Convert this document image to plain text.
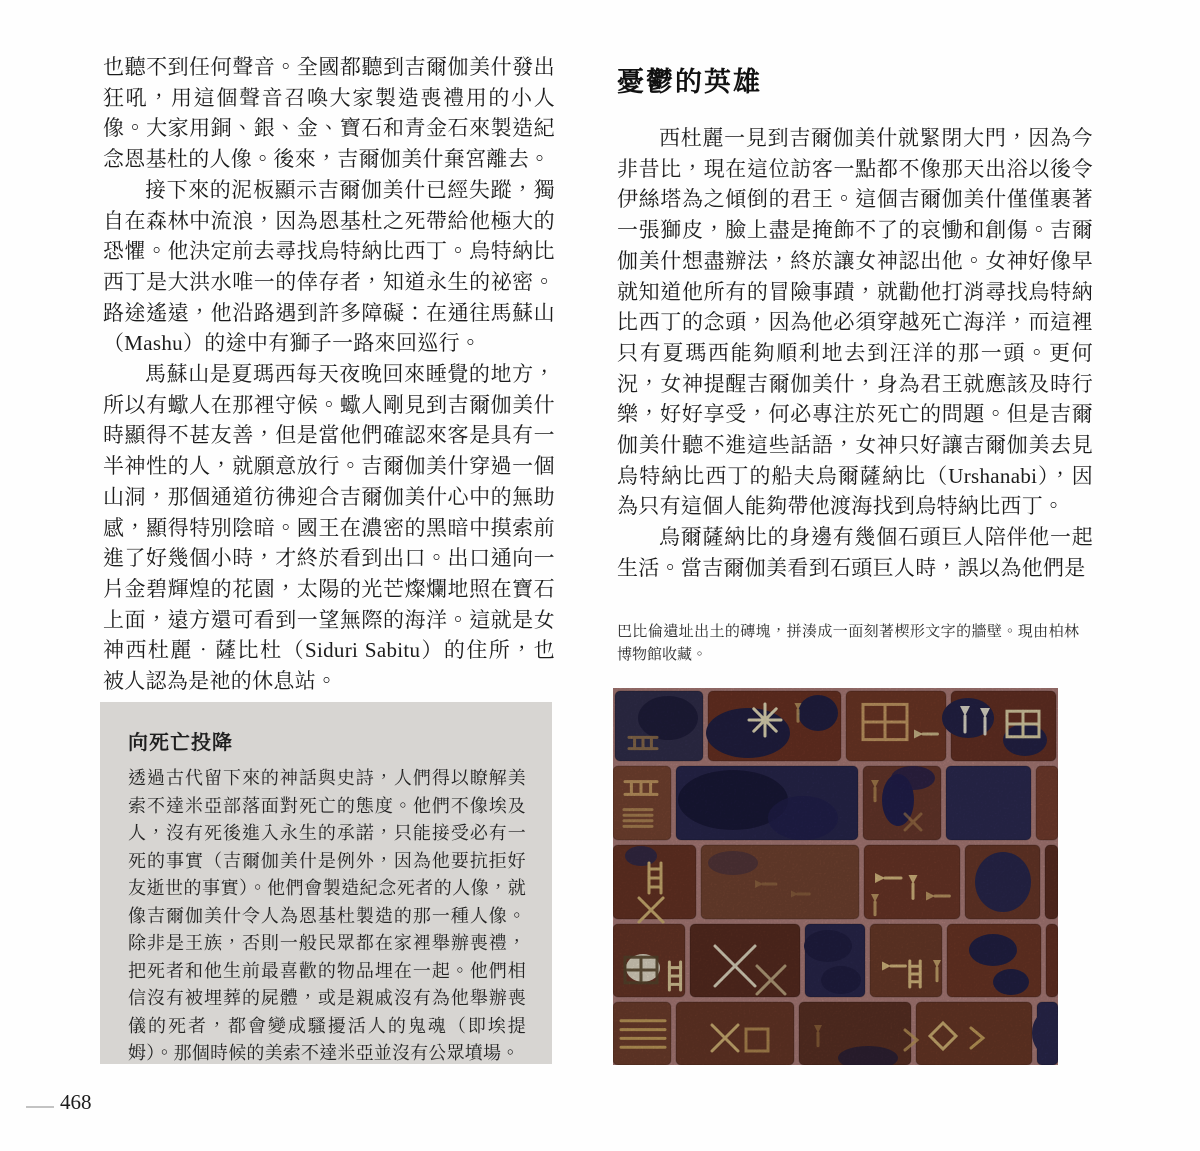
也聽不到任何聲音。全國都聽到吉爾伽美什發出狂吼，用這個聲音召喚大家製造喪禮用的小人像。大家用銅、銀、金、寶石和青金石來製造紀念恩基杜的人像。後來，吉爾伽美什棄宮離去。

接下來的泥板顯示吉爾伽美什已經失蹤，獨自在森林中流浪，因為恩基杜之死帶給他極大的恐懼。他決定前去尋找烏特納比西丁。烏特納比西丁是大洪水唯一的倖存者，知道永生的祕密。路途遙遠，他沿路遇到許多障礙：在通往馬蘇山（Mashu）的途中有獅子一路來回巡行。

馬蘇山是夏瑪西每天夜晚回來睡覺的地方，所以有蠍人在那裡守候。蠍人剛見到吉爾伽美什時顯得不甚友善，但是當他們確認來客是具有一半神性的人，就願意放行。吉爾伽美什穿過一個山洞，那個通道彷彿迎合吉爾伽美什心中的無助感，顯得特別陰暗。國王在濃密的黑暗中摸索前進了好幾個小時，才終於看到出口。出口通向一片金碧輝煌的花園，太陽的光芒燦爛地照在寶石上面，遠方還可看到一望無際的海洋。這就是女神西杜麗．薩比杜（Siduri Sabitu）的住所，也被人認為是祂的休息站。

憂鬱的英雄

西杜麗一見到吉爾伽美什就緊閉大門，因為今非昔比，現在這位訪客一點都不像那天出浴以後令伊絲塔為之傾倒的君王。這個吉爾伽美什僅僅裹著一張獅皮，臉上盡是掩飾不了的哀慟和創傷。吉爾伽美什想盡辦法，終於讓女神認出他。女神好像早就知道他所有的冒險事蹟，就勸他打消尋找烏特納比西丁的念頭，因為他必須穿越死亡海洋，而這裡只有夏瑪西能夠順利地去到汪洋的那一頭。更何況，女神提醒吉爾伽美什，身為君王就應該及時行樂，好好享受，何必專注於死亡的問題。但是吉爾伽美什聽不進這些話語，女神只好讓吉爾伽美去見烏特納比西丁的船夫烏爾薩納比（Urshanabi），因為只有這個人能夠帶他渡海找到烏特納比西丁。

烏爾薩納比的身邊有幾個石頭巨人陪伴他一起生活。當吉爾伽美看到石頭巨人時，誤以為他們是

巴比倫遺址出土的磚塊，拼湊成一面刻著楔形文字的牆壁。現由柏林博物館收藏。

向死亡投降

透過古代留下來的神話與史詩，人們得以瞭解美索不達米亞部落面對死亡的態度。他們不像埃及人，沒有死後進入永生的承諾，只能接受必有一死的事實（吉爾伽美什是例外，因為他要抗拒好友逝世的事實）。他們會製造紀念死者的人像，就像吉爾伽美什令人為恩基杜製造的那一種人像。除非是王族，否則一般民眾都在家裡舉辦喪禮，把死者和他生前最喜歡的物品埋在一起。他們相信沒有被埋葬的屍體，或是親戚沒有為他舉辦喪儀的死者，都會變成騷擾活人的鬼魂（即埃提姆）。那個時候的美索不達米亞並沒有公眾墳場。

468
